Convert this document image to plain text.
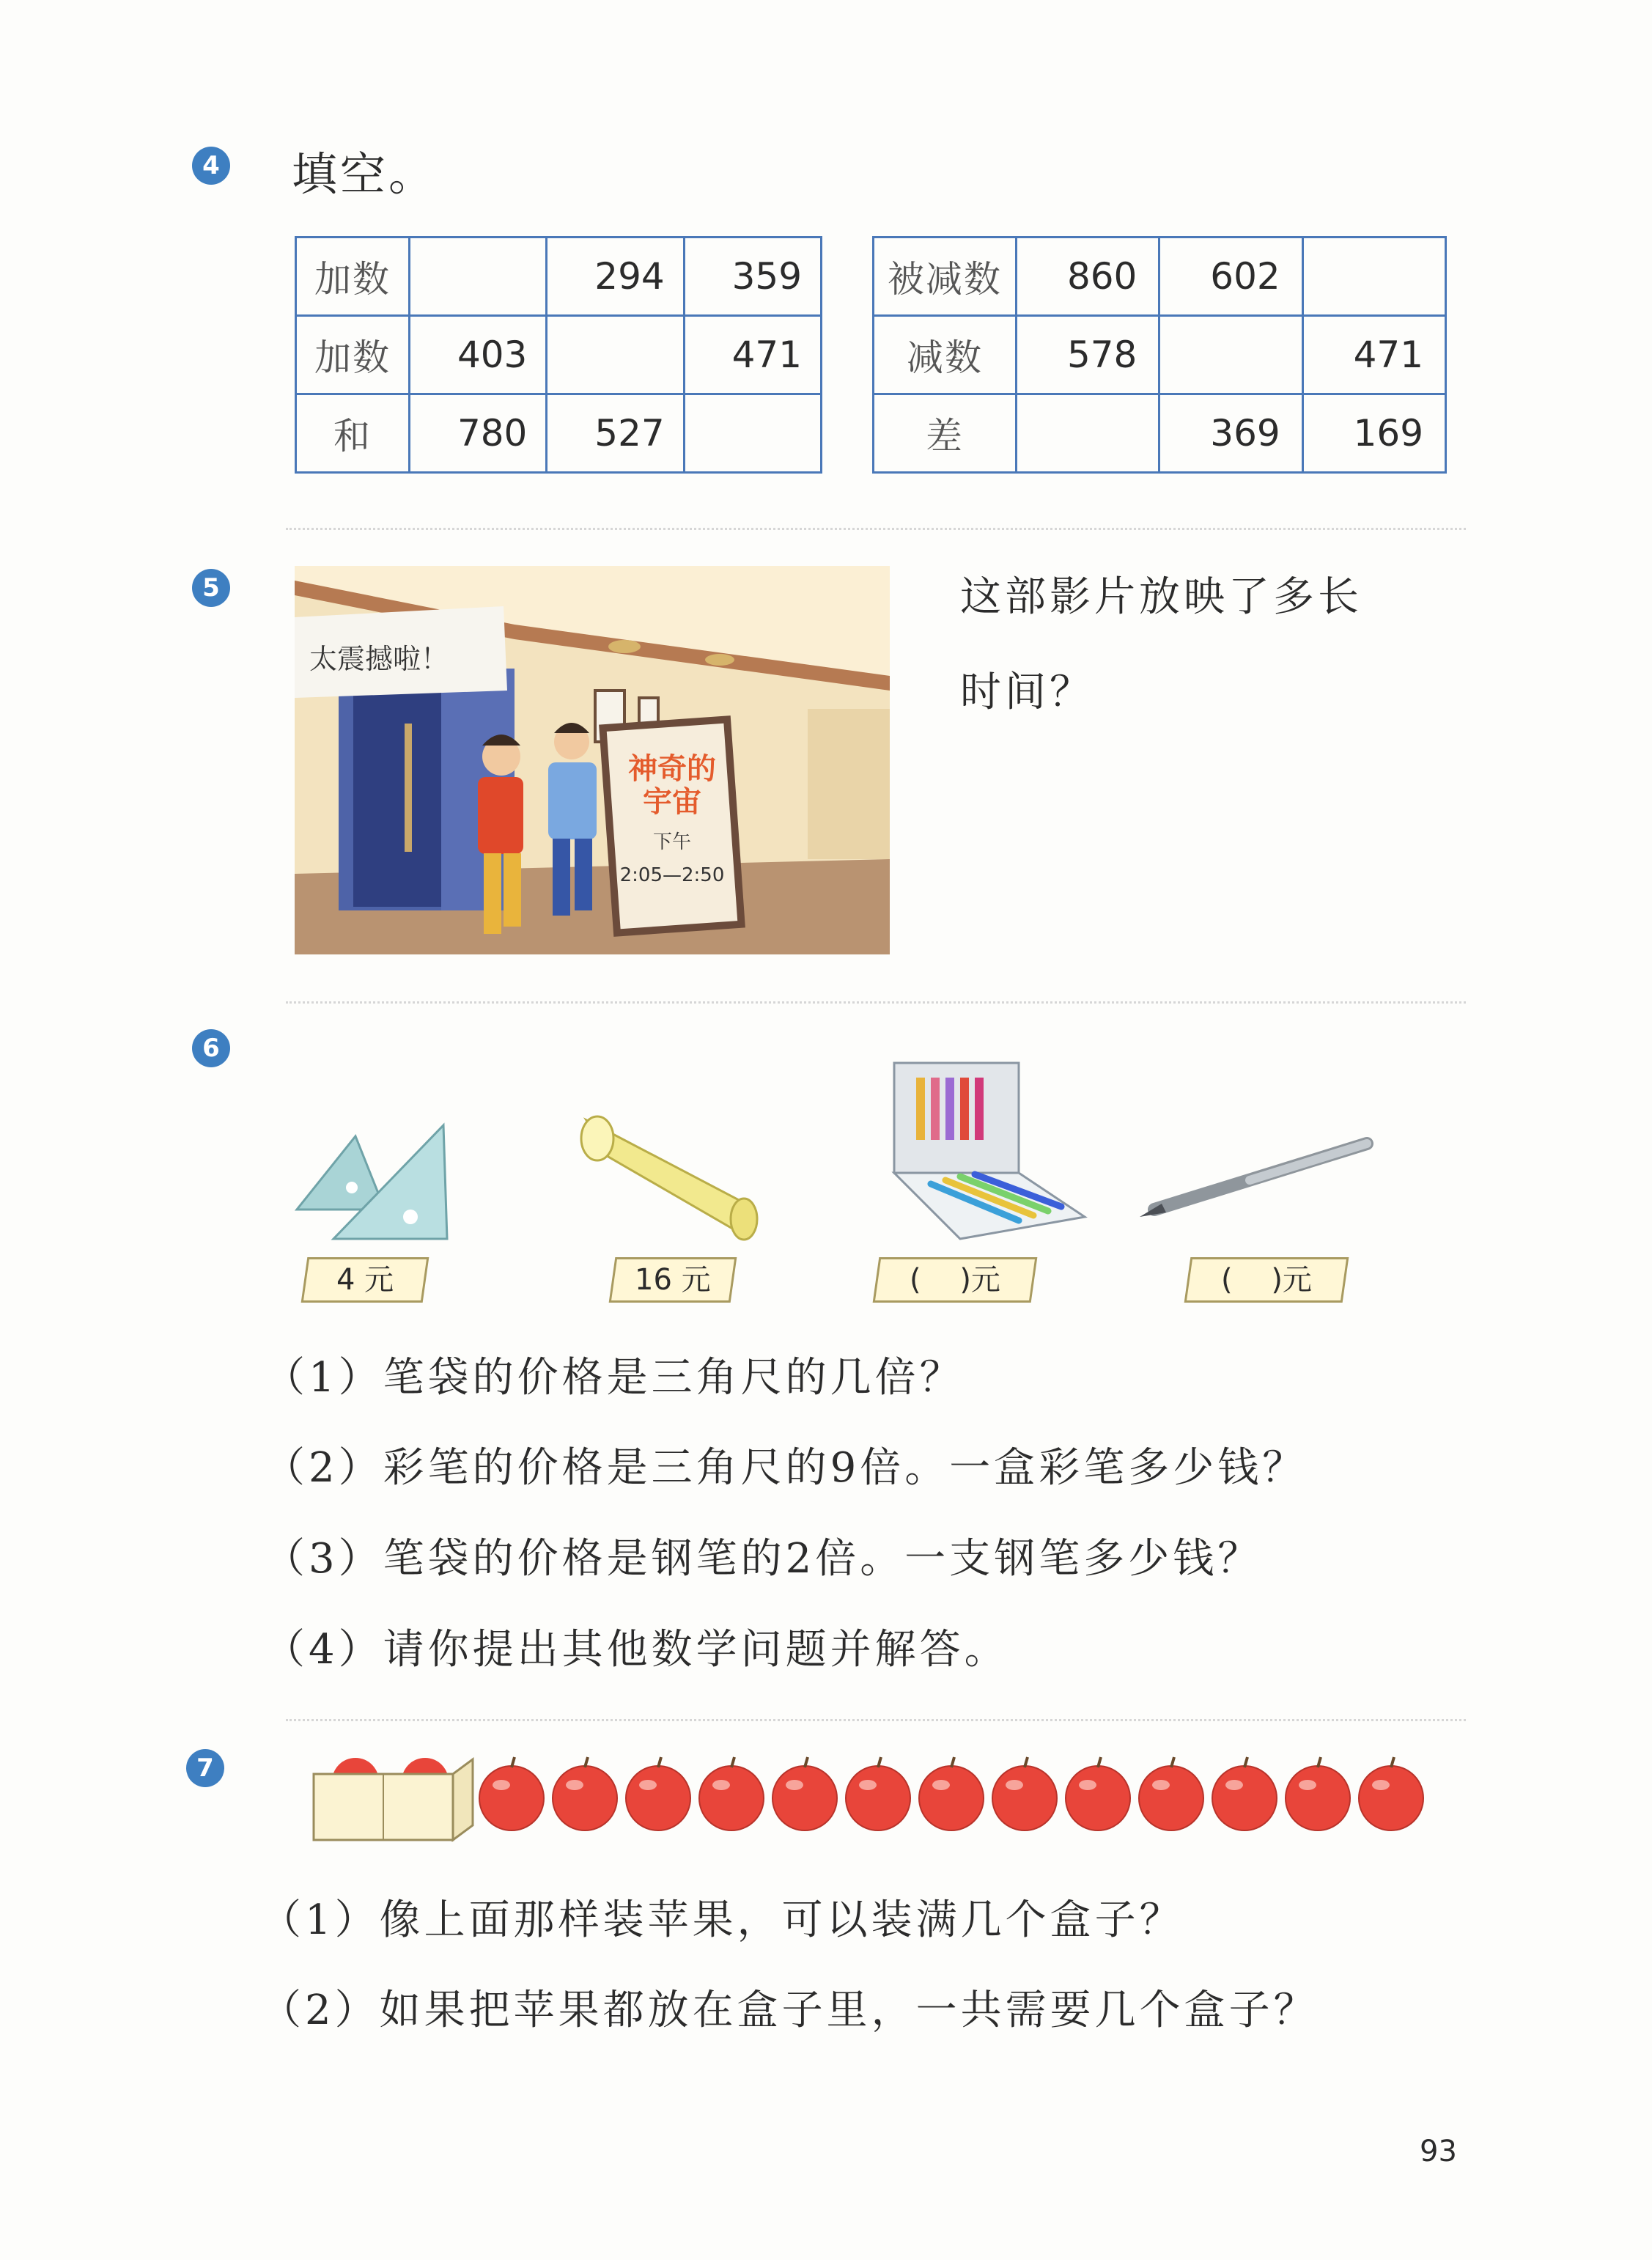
4 填空。
加数		294	359
加数	403		471
和	780	527	
被减数	860	602	
减数	578		471
差		369	169
5
神奇的
宇宙
下午
2:05—2:50
太震撼啦！
这部影片放映了多长
时间？
6
4 元	16 元	(　 )元	(　 )元
（1）笔袋的价格是三角尺的几倍？
（2）彩笔的价格是三角尺的9倍。一盒彩笔多少钱？
（3）笔袋的价格是钢笔的2倍。一支钢笔多少钱？
（4）请你提出其他数学问题并解答。
7
（1）像上面那样装苹果，可以装满几个盒子？
（2）如果把苹果都放在盒子里，一共需要几个盒子？
93
